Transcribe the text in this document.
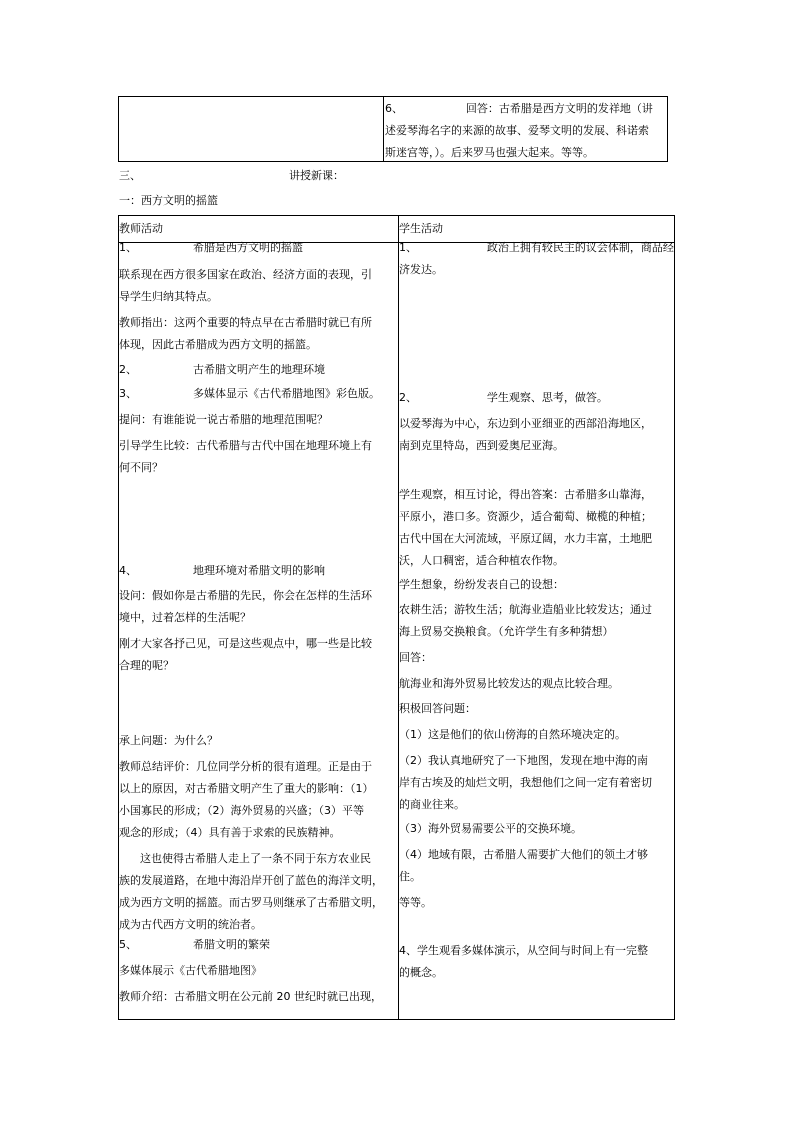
6、                  回答：古希腊是西方文明的发祥地（讲
述爱琴海名字的来源的故事、爱琴文明的发展、科诺索
斯迷宫等，）。后来罗马也强大起来。等等。
三、	讲授新课：
一：西方文明的摇篮
教师活动	学生活动
1、                希腊是西方文明的摇篮
联系现在西方很多国家在政治、经济方面的表现，引
导学生归纳其特点。
教师指出：这两个重要的特点早在古希腊时就已有所
体现，因此古希腊成为西方文明的摇篮。
2、                古希腊文明产生的地理环境
3、                多媒体显示《古代希腊地图》彩色版。
提问：有谁能说一说古希腊的地理范围呢？
引导学生比较：古代希腊与古代中国在地理环境上有
何不同？
4、                地理环境对希腊文明的影响
设问：假如你是古希腊的先民，你会在怎样的生活环
境中，过着怎样的生活呢？
刚才大家各抒己见，可是这些观点中，哪一些是比较
合理的呢？
承上问题：为什么？
教师总结评价：几位同学分析的很有道理。正是由于
以上的原因，对古希腊文明产生了重大的影响：（1）
小国寡民的形成；（2）海外贸易的兴盛；（3）平等
观念的形成；（4）具有善于求索的民族精神。
这也使得古希腊人走上了一条不同于东方农业民
族的发展道路，在地中海沿岸开创了蓝色的海洋文明，
成为西方文明的摇篮。而古罗马则继承了古希腊文明，
成为古代西方文明的统治者。
5、                希腊文明的繁荣
多媒体展示《古代希腊地图》
教师介绍：古希腊文明在公元前 20 世纪时就已出现，
1、                    政治上拥有较民主的议会体制，商品经
济发达。
2、                    学生观察、思考，做答。
以爱琴海为中心，东边到小亚细亚的西部沿海地区，
南到克里特岛，西到爱奥尼亚海。
学生观察，相互讨论，得出答案：古希腊多山靠海，
平原小，港口多。资源少，适合葡萄、橄榄的种植；
古代中国在大河流域，平原辽阔，水力丰富，土地肥
沃，人口稠密，适合种植农作物。
学生想象，纷纷发表自己的设想：
农耕生活；游牧生活；航海业造船业比较发达；通过
海上贸易交换粮食。（允许学生有多种猜想）
回答：
航海业和海外贸易比较发达的观点比较合理。
积极回答问题：
（1）这是他们的依山傍海的自然环境决定的。
（2）我认真地研究了一下地图，发现在地中海的南
岸有古埃及的灿烂文明，我想他们之间一定有着密切
的商业往来。
（3）海外贸易需要公平的交换环境。
（4）地域有限，古希腊人需要扩大他们的领土才够
住。
等等。
4、学生观看多媒体演示，从空间与时间上有一完整
的概念。
